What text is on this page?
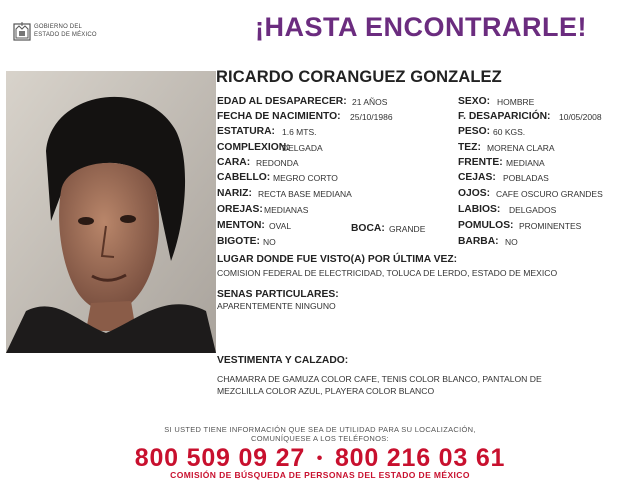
GOBIERNO DEL
ESTADO DE MÉXICO	¡HASTA ENCONTRARLE!
RICARDO CORANGUEZ GONZALEZ
EDAD AL DESAPARECER: 21 AÑOS
FECHA DE NACIMIENTO: 25/10/1986
ESTATURA: 1.6 MTS.
COMPLEXION:
DELGADA
CARA: REDONDA
CABELLO: MEGRO CORTO
NARIZ: RECTA BASE MEDIANA
OREJAS: MEDIANAS
MENTON: OVAL	BOCA: GRANDE
BIGOTE: NO
SEXO: HOMBRE
F. DESAPARICIÓN: 10/05/2008
PESO: 60 KGS.
TEZ: MORENA CLARA
FRENTE: MEDIANA
CEJAS: POBLADAS
OJOS: CAFE OSCURO GRANDES
LABIOS: DELGADOS
POMULOS: PROMINENTES
BARBA: NO
LUGAR DONDE FUE VISTO(A) POR ÚLTIMA VEZ:
COMISION FEDERAL DE ELECTRICIDAD, TOLUCA DE LERDO, ESTADO DE MEXICO
SENAS PARTICULARES:
APARENTEMENTE NINGUNO
VESTIMENTA Y CALZADO:
CHAMARRA DE GAMUZA COLOR CAFE, TENIS COLOR BLANCO, PANTALON DE
MEZCLILLA COLOR AZUL, PLAYERA COLOR BLANCO
SI USTED TIENE INFORMACIÓN QUE SEA DE UTILIDAD PARA SU LOCALIZACIÓN,
COMUNÍQUESE A LOS TELÉFONOS:
800 509 09 27 • 800 216 03 61
COMISIÓN DE BÚSQUEDA DE PERSONAS DEL ESTADO DE MÉXICO
